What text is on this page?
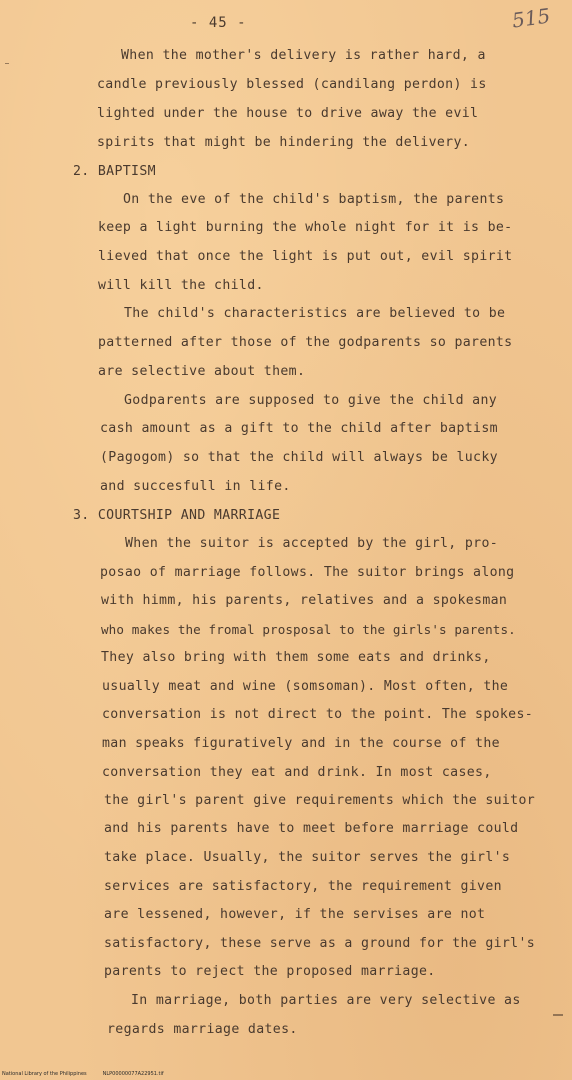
- 45 -	515
When the mother's delivery is rather hard, a
candle previously blessed (candilang perdon) is
lighted under the house to drive away the evil
spirits that might be hindering the delivery.
2. BAPTISM
On the eve of the child's baptism, the parents
keep a light burning the whole night for it is be-
lieved that once the light is put out, evil spirit
will kill the child.
The child's characteristics are believed to be
patterned after those of the godparents so parents
are selective about them.
Godparents are supposed to give the child any
cash amount as a gift to the child after baptism
(Pagogom) so that the child will always be lucky
and succesfull in life.
3. COURTSHIP AND MARRIAGE
When the suitor is accepted by the girl, pro-
posao of marriage follows. The suitor brings along
with himm, his parents, relatives and a spokesman
who makes the fromal prosposal to the girls's parents.
They also bring with them some eats and drinks,
usually meat and wine (somsoman). Most often, the
conversation is not direct to the point. The spokes-
man speaks figuratively and in the course of the
conversation they eat and drink. In most cases,
the girl's parent give requirements which the suitor
and his parents have to meet before marriage could
take place. Usually, the suitor serves the girl's
services are satisfactory, the requirement given
are lessened, however, if the servises are not
satisfactory, these serve as a ground for the girl's
parents to reject the proposed marriage.
In marriage, both parties are very selective as
regards marriage dates.
National Library of the Philippines	NLP00000077A22951.tif
